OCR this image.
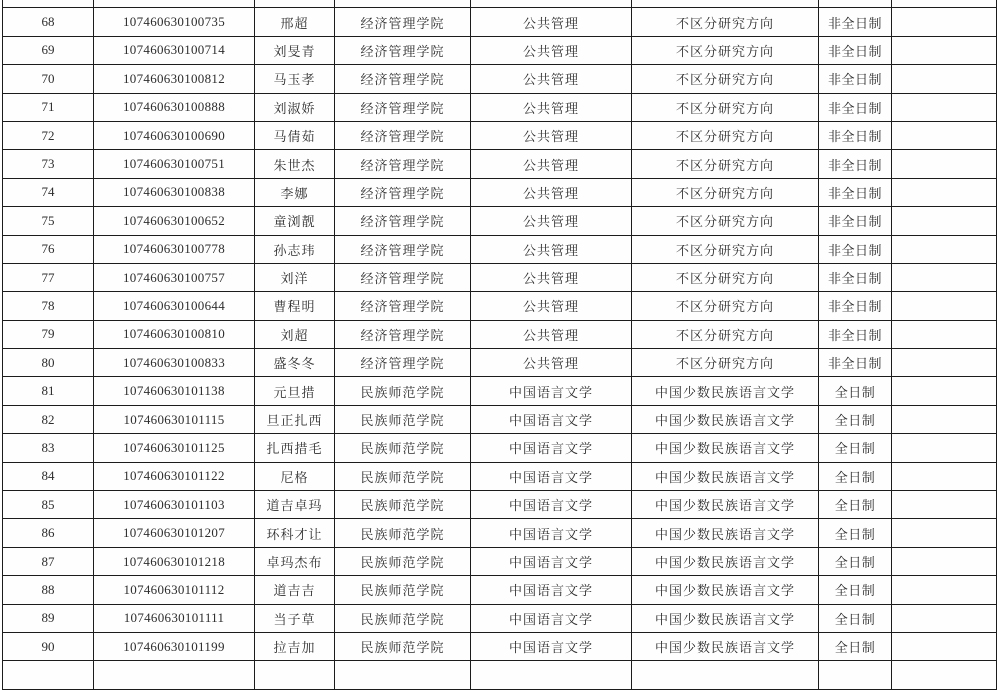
68	107460630100735	邢超	经济管理学院	公共管理	不区分研究方向	非全日制	
69	107460630100714	刘旻青	经济管理学院	公共管理	不区分研究方向	非全日制	
70	107460630100812	马玉孝	经济管理学院	公共管理	不区分研究方向	非全日制	
71	107460630100888	刘淑娇	经济管理学院	公共管理	不区分研究方向	非全日制	
72	107460630100690	马倩茹	经济管理学院	公共管理	不区分研究方向	非全日制	
73	107460630100751	朱世杰	经济管理学院	公共管理	不区分研究方向	非全日制	
74	107460630100838	李娜	经济管理学院	公共管理	不区分研究方向	非全日制	
75	107460630100652	童浏靓	经济管理学院	公共管理	不区分研究方向	非全日制	
76	107460630100778	孙志玮	经济管理学院	公共管理	不区分研究方向	非全日制	
77	107460630100757	刘洋	经济管理学院	公共管理	不区分研究方向	非全日制	
78	107460630100644	曹程明	经济管理学院	公共管理	不区分研究方向	非全日制	
79	107460630100810	刘超	经济管理学院	公共管理	不区分研究方向	非全日制	
80	107460630100833	盛冬冬	经济管理学院	公共管理	不区分研究方向	非全日制	
81	107460630101138	元旦措	民族师范学院	中国语言文学	中国少数民族语言文学	全日制	
82	107460630101115	旦正扎西	民族师范学院	中国语言文学	中国少数民族语言文学	全日制	
83	107460630101125	扎西措毛	民族师范学院	中国语言文学	中国少数民族语言文学	全日制	
84	107460630101122	尼格	民族师范学院	中国语言文学	中国少数民族语言文学	全日制	
85	107460630101103	道吉卓玛	民族师范学院	中国语言文学	中国少数民族语言文学	全日制	
86	107460630101207	环科才让	民族师范学院	中国语言文学	中国少数民族语言文学	全日制	
87	107460630101218	卓玛杰布	民族师范学院	中国语言文学	中国少数民族语言文学	全日制	
88	107460630101112	道吉吉	民族师范学院	中国语言文学	中国少数民族语言文学	全日制	
89	107460630101111	当子草	民族师范学院	中国语言文学	中国少数民族语言文学	全日制	
90	107460630101199	拉吉加	民族师范学院	中国语言文学	中国少数民族语言文学	全日制	
